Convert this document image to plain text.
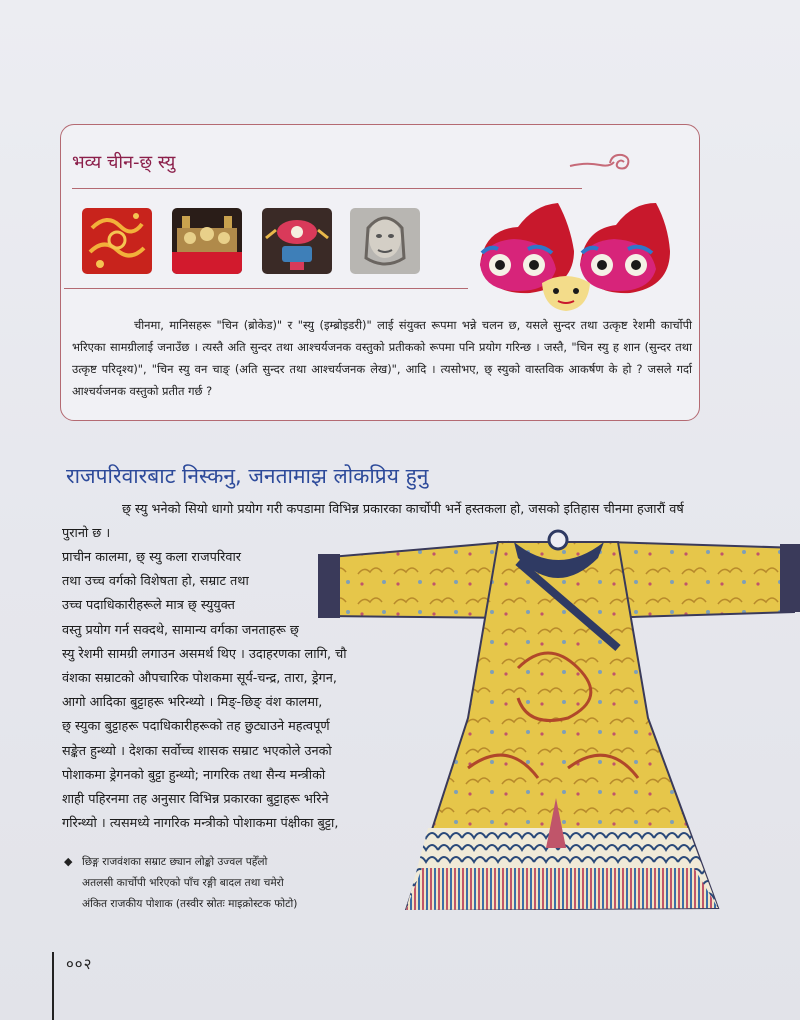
भव्य चीन-छ् स्यु
चीनमा, मानिसहरू "चिन (ब्रोकेड)" र "स्यु (इम्ब्रोइडरी)" लाई संयुक्त रूपमा भन्ने चलन छ, यसले सुन्दर तथा उत्कृष्ट रेशमी कार्चोपी भरिएका सामग्रीलाई जनाउँछ । त्यस्तै अति सुन्दर तथा आश्चर्यजनक वस्तुको प्रतीकको रूपमा पनि प्रयोग गरिन्छ । जस्तै, "चिन स्यु ह शान (सुन्दर तथा उत्कृष्ट परिदृश्य)", "चिन स्यु वन चाङ् (अति सुन्दर तथा आश्चर्यजनक लेख)", आदि । त्यसोभए, छ् स्युको वास्तविक आकर्षण के हो ? जसले गर्दा आश्चर्यजनक वस्तुको प्रतीत गर्छ ?
राजपरिवारबाट निस्कनु, जनतामाझ लोकप्रिय हुनु
छ् स्यु भनेको सियो धागो प्रयोग गरी कपडामा विभिन्न प्रकारका कार्चोपी भर्ने हस्तकला हो, जसको इतिहास चीनमा हजारौं वर्ष पुरानो छ ।
प्राचीन कालमा, छ् स्यु कला राजपरिवार
तथा उच्च वर्गको विशेषता हो, सम्राट तथा
उच्च पदाधिकारीहरूले मात्र छ् स्युयुक्त
वस्तु प्रयोग गर्न सक्दथे, सामान्य वर्गका जनताहरू छ्
स्यु रेशमी सामग्री लगाउन असमर्थ थिए । उदाहरणका लागि, चौ
वंशका सम्राटको औपचारिक पोशकमा सूर्य-चन्द्र, तारा, ड्रेगन,
आगो आदिका बुट्टाहरू भरिन्थ्यो । मिङ्-छिङ् वंश कालमा,
छ् स्युका बुट्टाहरू पदाधिकारीहरूको तह छुट्याउने महत्वपूर्ण
सङ्केत हुन्थ्यो । देशका सर्वोच्च शासक सम्राट भएकोले उनको
पोशाकमा ड्रेगनको बुट्टा हुन्थ्यो; नागरिक तथा सैन्य मन्त्रीको
शाही पहिरनमा तह अनुसार विभिन्न प्रकारका बुट्टाहरू भरिने
गरिन्थ्यो । त्यसमध्ये नागरिक मन्त्रीको पोशाकमा पंक्षीका बुट्टा,
◆ छिङ्ग राजवंशका सम्राट छ्यान लोङ्को उज्वल पहेँलो
अतलसी कार्चोपी भरिएको पाँच रङ्गी बादल तथा चमेरो
अंकित राजकीय पोशाक (तस्वीर स्रोतः माइक्रोस्टक फोटो)
००२
